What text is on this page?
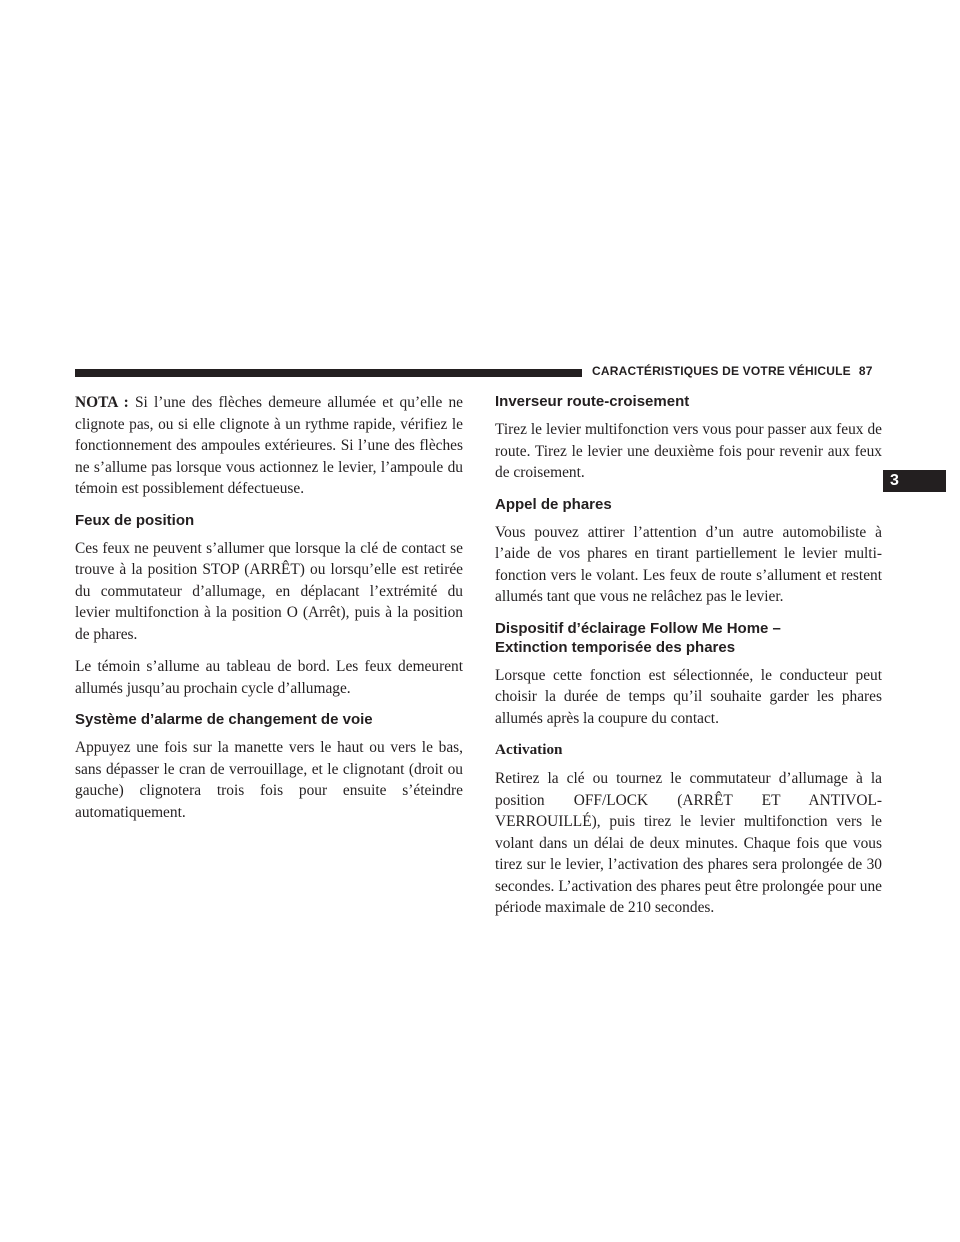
CARACTÉRISTIQUES DE VOTRE VÉHICULE 87
3

NOTA : Si l’une des flèches demeure allumée et qu’elle ne clignote pas, ou si elle clignote à un rythme rapide, vérifiez le fonctionnement des ampoules extérieures. Si l’une des flèches ne s’allume pas lorsque vous actionnez le levier, l’ampoule du témoin est possiblement défectueuse.

Feux de position

Ces feux ne peuvent s’allumer que lorsque la clé de contact se trouve à la position STOP (ARRÊT) ou lorsqu’elle est retirée du commutateur d’allumage, en déplacant l’extrémité du levier multifonction à la position O (Arrêt), puis à la position de phares.

Le témoin s’allume au tableau de bord. Les feux demeurent allumés jusqu’au prochain cycle d’allumage.

Système d’alarme de changement de voie

Appuyez une fois sur la manette vers le haut ou vers le bas, sans dépasser le cran de verrouillage, et le clignotant (droit ou gauche) clignotera trois fois pour ensuite s’éteindre automatiquement.

Inverseur route-croisement

Tirez le levier multifonction vers vous pour passer aux feux de route. Tirez le levier une deuxième fois pour revenir aux feux de croisement.

Appel de phares

Vous pouvez attirer l’attention d’un autre automobiliste à l’aide de vos phares en tirant partiellement le levier multifonction vers le volant. Les feux de route s’allument et restent allumés tant que vous ne relâchez pas le levier.

Dispositif d’éclairage Follow Me Home –
Extinction temporisée des phares

Lorsque cette fonction est sélectionnée, le conducteur peut choisir la durée de temps qu’il souhaite garder les phares allumés après la coupure du contact.

Activation

Retirez la clé ou tournez le commutateur d’allumage à la position OFF/LOCK (ARRÊT ET ANTIVOL-VERROUILLÉ), puis tirez le levier multifonction vers le volant dans un délai de deux minutes. Chaque fois que vous tirez sur le levier, l’activation des phares sera prolongée de 30 secondes. L’activation des phares peut être prolongée pour une période maximale de 210 secondes.
